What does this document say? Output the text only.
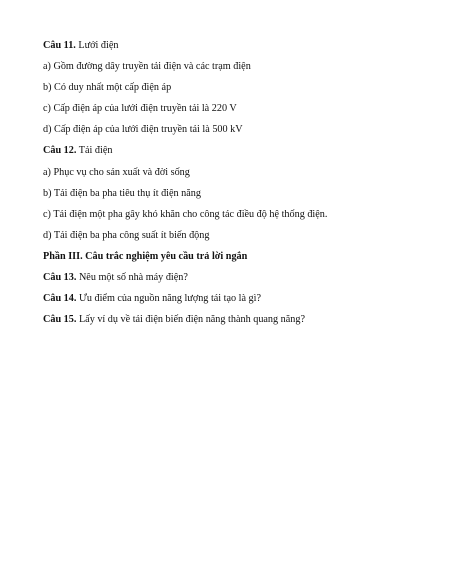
Câu 11. Lưới điện
a) Gồm đường dây truyền tải điện và các trạm điện
b) Có duy nhất một cấp điện áp
c) Cấp điện áp của lưới điện truyền tải là 220 V
d) Cấp điện áp của lưới điện truyền tải là 500 kV
Câu 12. Tải điện
a) Phục vụ cho sản xuất và đời sống
b) Tải điện ba pha tiêu thụ ít điện năng
c) Tải điện một pha gây khó khăn cho công tác điều độ hệ thống điện.
d) Tải điện ba pha công suất ít biến động
Phần III. Câu trắc nghiệm yêu cầu trả lời ngắn
Câu 13. Nêu một số nhà máy điện?
Câu 14. Ưu điểm của nguồn năng lượng tái tạo là gì?
Câu 15. Lấy ví dụ về tải điện biến điện năng thành quang năng?
